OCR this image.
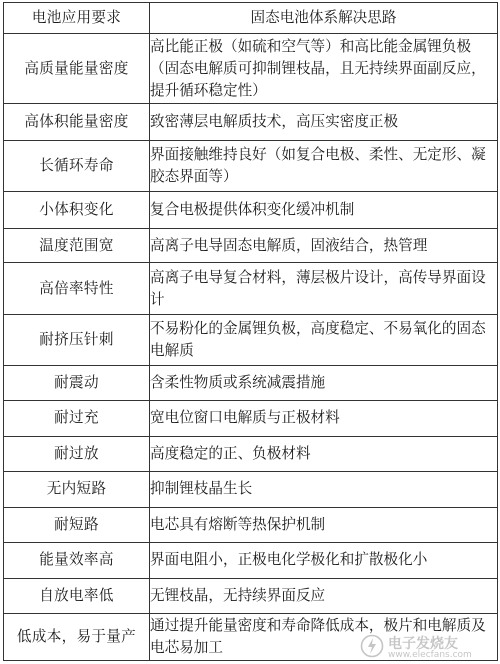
电池应用要求	固态电池体系解决思路
高质量能量密度	高比能正极（如硫和空气等）和高比能金属锂负极（固态电解质可抑制锂枝晶，且无持续界面副反应，提升循环稳定性）
高体积能量密度	致密薄层电解质技术，高压实密度正极
长循环寿命	界面接触维持良好（如复合电极、柔性、无定形、凝胶态界面等）
小体积变化	复合电极提供体积变化缓冲机制
温度范围宽	高离子电导固态电解质，固液结合，热管理
高倍率特性	高离子电导复合材料，薄层极片设计，高传导界面设计
耐挤压针刺	不易粉化的金属锂负极，高度稳定、不易氧化的固态电解质
耐震动	含柔性物质或系统减震措施
耐过充	宽电位窗口电解质与正极材料
耐过放	高度稳定的正、负极材料
无内短路	抑制锂枝晶生长
耐短路	电芯具有熔断等热保护机制
能量效率高	界面电阻小，正极电化学极化和扩散极化小
自放电率低	无锂枝晶，无持续界面反应
低成本，易于量产	通过提升能量密度和寿命降低成本，极片和电解质及电芯易加工	电子发烧友
www.elecfans.com
